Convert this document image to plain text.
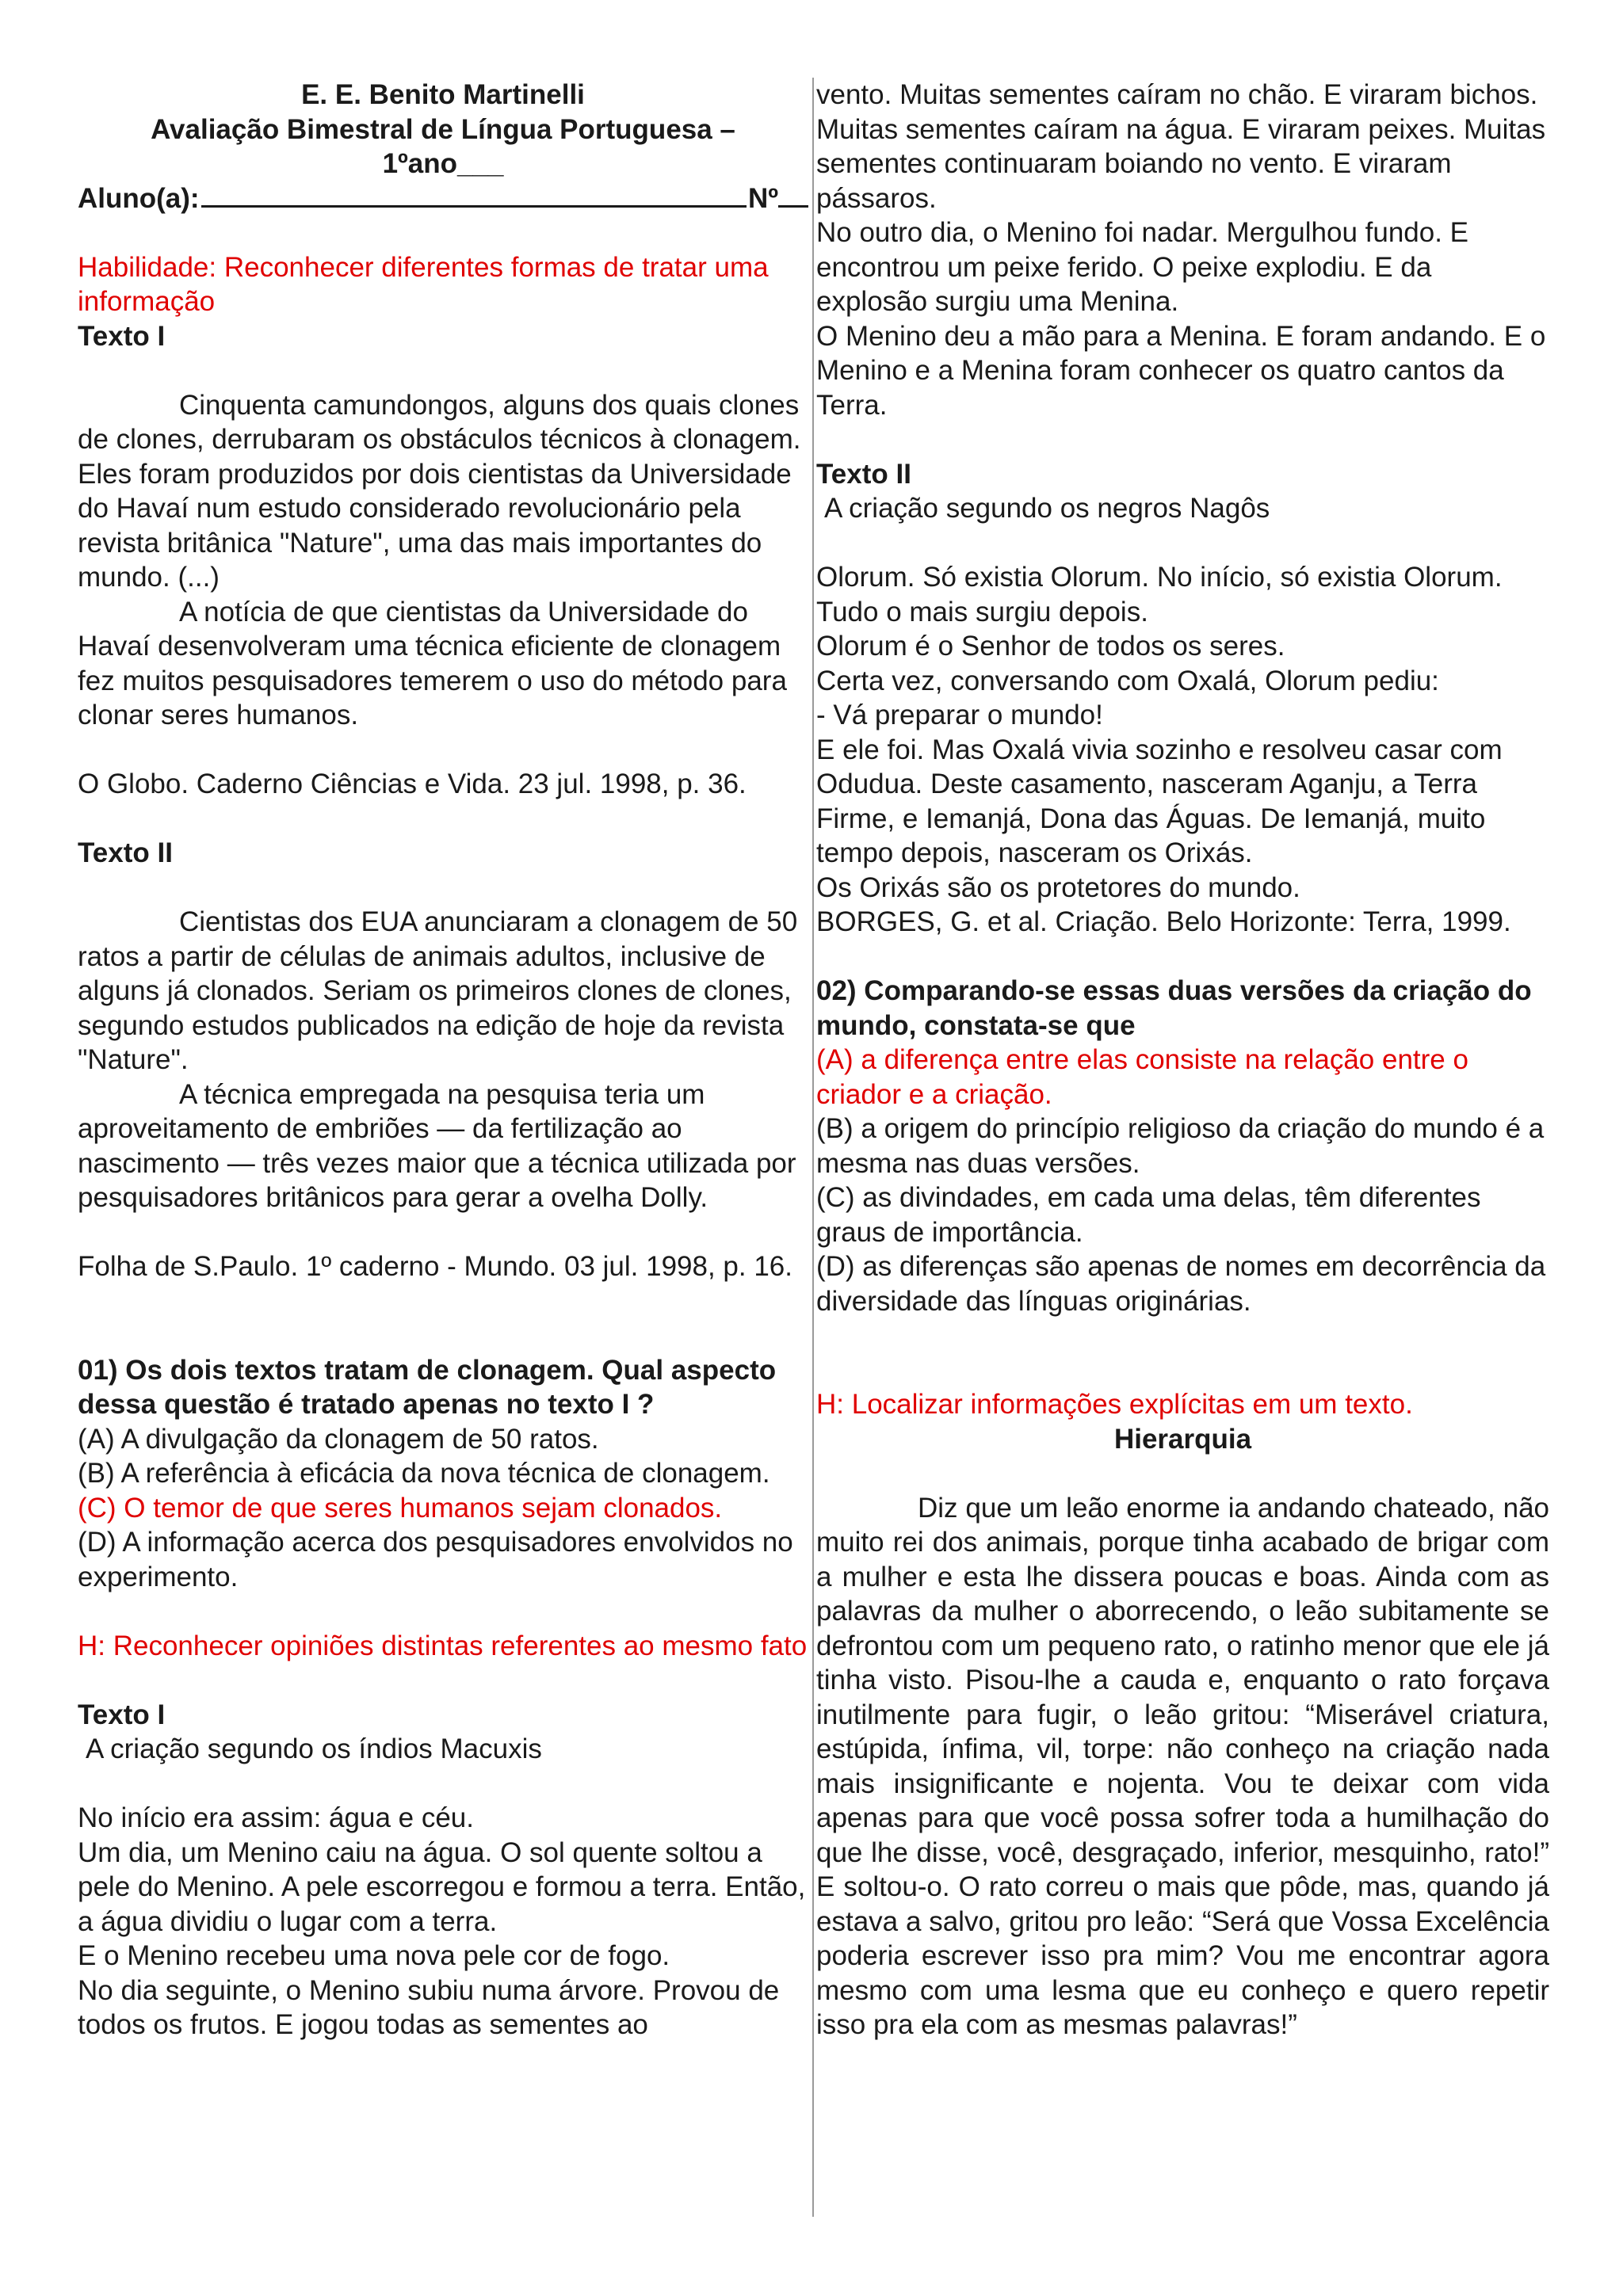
E. E. Benito Martinelli

Avaliação Bimestral de Língua Portuguesa –

1ºano___

Aluno(a):	Nº

Habilidade: Reconhecer diferentes formas de tratar uma informação

Texto I

Cinquenta camundongos, alguns dos quais clones de clones, derrubaram os obstáculos técnicos à clonagem. Eles foram produzidos por dois cientistas da Universidade do Havaí num estudo considerado revolucionário pela revista britânica "Nature", uma das mais importantes do mundo. (...)

A notícia de que cientistas da Universidade do Havaí desenvolveram uma técnica eficiente de clonagem fez muitos pesquisadores temerem o uso do método para clonar seres humanos.

O Globo. Caderno Ciências e Vida. 23 jul. 1998, p. 36.

Texto II

Cientistas dos EUA anunciaram a clonagem de 50 ratos a partir de células de animais adultos, inclusive de alguns já clonados. Seriam os primeiros clones de clones, segundo estudos publicados na edição de hoje da revista "Nature".

A técnica empregada na pesquisa teria um aproveitamento de embriões — da fertilização ao nascimento — três vezes maior que a técnica utilizada por pesquisadores britânicos para gerar a ovelha Dolly.

Folha de S.Paulo. 1º caderno - Mundo. 03 jul. 1998, p. 16.

01) Os dois textos tratam de clonagem. Qual aspecto dessa questão é tratado apenas no texto I ?

(A) A divulgação da clonagem de 50 ratos.

(B) A referência à eficácia da nova técnica de clonagem.

(C) O temor de que seres humanos sejam clonados.

(D) A informação acerca dos pesquisadores envolvidos no experimento.

H: Reconhecer opiniões distintas referentes ao mesmo fato

Texto I

A criação segundo os índios Macuxis

No início era assim: água e céu.

Um dia, um Menino caiu na água. O sol quente soltou a pele do Menino. A pele escorregou e formou a terra. Então, a água dividiu o lugar com a terra.

E o Menino recebeu uma nova pele cor de fogo.

No dia seguinte, o Menino subiu numa árvore. Provou de todos os frutos. E jogou todas as sementes ao

vento. Muitas sementes caíram no chão. E viraram bichos. Muitas sementes caíram na água. E viraram peixes. Muitas sementes continuaram boiando no vento. E viraram pássaros.

No outro dia, o Menino foi nadar. Mergulhou fundo. E encontrou um peixe ferido. O peixe explodiu. E da explosão surgiu uma Menina.

O Menino deu a mão para a Menina. E foram andando. E o Menino e a Menina foram conhecer os quatro cantos da Terra.

Texto II

A criação segundo os negros Nagôs

Olorum. Só existia Olorum. No início, só existia Olorum.

Tudo o mais surgiu depois.

Olorum é o Senhor de todos os seres.

Certa vez, conversando com Oxalá, Olorum pediu:

- Vá preparar o mundo!

E ele foi. Mas Oxalá vivia sozinho e resolveu casar com Odudua. Deste casamento, nasceram Aganju, a Terra Firme, e Iemanjá, Dona das Águas. De Iemanjá, muito tempo depois, nasceram os Orixás.

Os Orixás são os protetores do mundo.

BORGES, G. et al. Criação. Belo Horizonte: Terra, 1999.

02) Comparando-se essas duas versões da criação do mundo, constata-se que

(A) a diferença entre elas consiste na relação entre o criador e a criação.

(B) a origem do princípio religioso da criação do mundo é a mesma nas duas versões.

(C) as divindades, em cada uma delas, têm diferentes graus de importância.

(D) as diferenças são apenas de nomes em decorrência da diversidade das línguas originárias.

H: Localizar informações explícitas em um texto.

Hierarquia

Diz que um leão enorme ia andando chateado, não muito rei dos animais, porque tinha acabado de brigar com a mulher e esta lhe dissera poucas e boas. Ainda com as palavras da mulher o aborrecendo, o leão subitamente se defrontou com um pequeno rato, o ratinho menor que ele já tinha visto. Pisou-lhe a cauda e, enquanto o rato forçava inutilmente para fugir, o leão gritou: “Miserável criatura, estúpida, ínfima, vil, torpe: não conheço na criação nada mais insignificante e nojenta. Vou te deixar com vida apenas para que você possa sofrer toda a humilhação do que lhe disse, você, desgraçado, inferior, mesquinho, rato!” E soltou-o. O rato correu o mais que pôde, mas, quando já estava a salvo, gritou pro leão: “Será que Vossa Excelência poderia escrever isso pra mim? Vou me encontrar agora mesmo com uma lesma que eu conheço e quero repetir isso pra ela com as mesmas palavras!”
